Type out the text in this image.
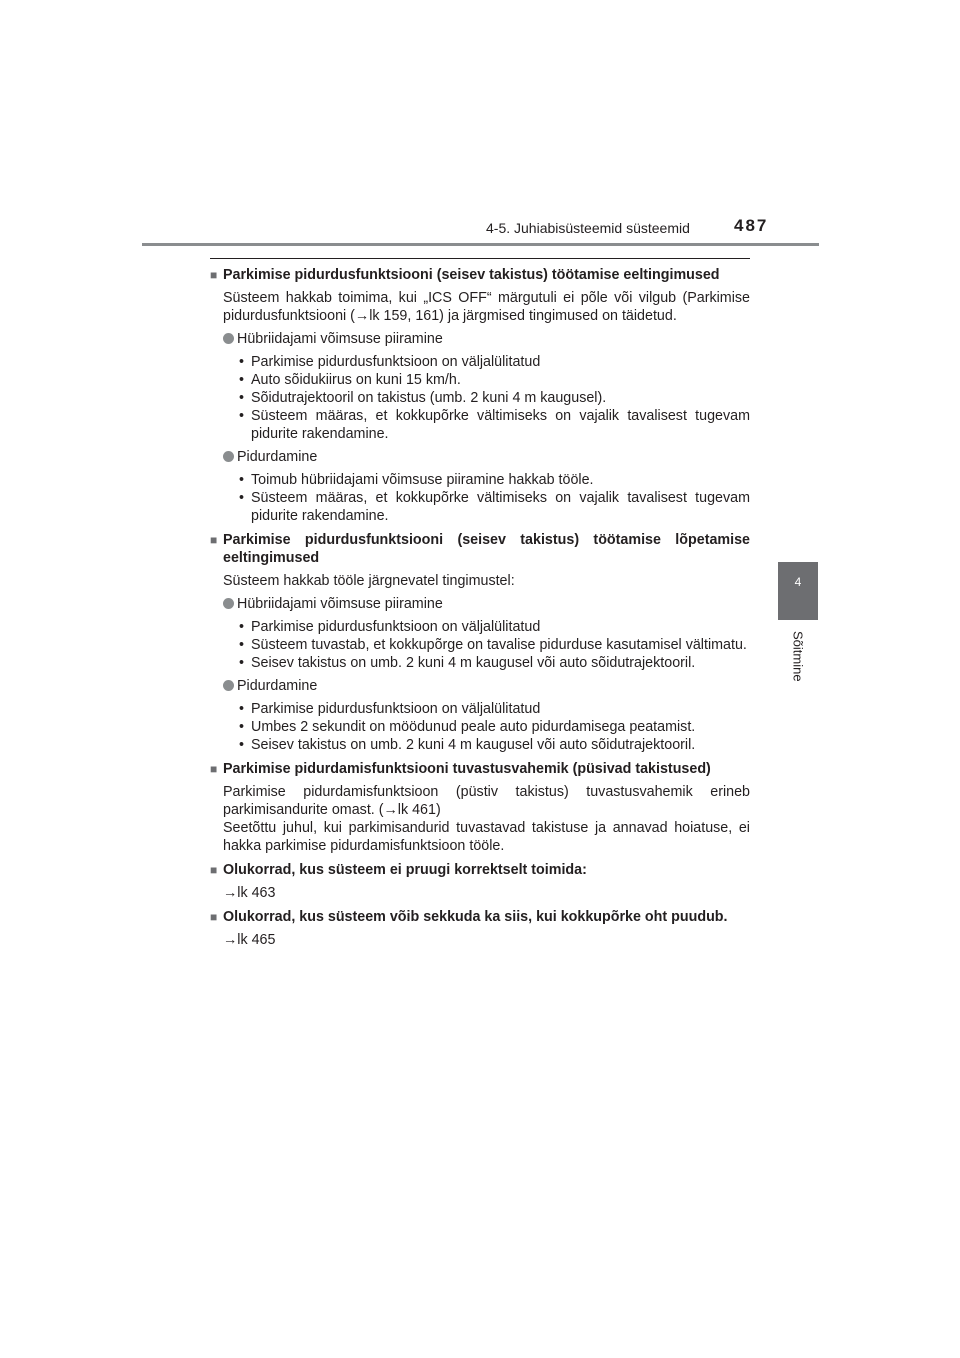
4-5. Juhiabisüsteemid süsteemid	487
4
Sõitmine
■ Parkimise pidurdusfunktsiooni (seisev takistus) töötamise eeltingimused
Süsteem hakkab toimima, kui „ICS OFF“ märgutuli ei põle või vilgub (Parkimise pidurdusfunktsiooni (→lk 159, 161) ja järgmised tingimused on täidetud.
Hübriidajami võimsuse piiramine
• Parkimise pidurdusfunktsioon on väljalülitatud
• Auto sõidukiirus on kuni 15 km/h.
• Sõidutrajektooril on takistus (umb. 2 kuni 4 m kaugusel).
• Süsteem määras, et kokkupõrke vältimiseks on vajalik tavalisest tugevam pidurite rakendamine.
Pidurdamine
• Toimub hübriidajami võimsuse piiramine hakkab tööle.
• Süsteem määras, et kokkupõrke vältimiseks on vajalik tavalisest tugevam pidurite rakendamine.
■ Parkimise pidurdusfunktsiooni (seisev takistus) töötamise lõpetamise eeltingimused
Süsteem hakkab tööle järgnevatel tingimustel:
Hübriidajami võimsuse piiramine
• Parkimise pidurdusfunktsioon on väljalülitatud
• Süsteem tuvastab, et kokkupõrge on tavalise pidurduse kasutamisel vältimatu.
• Seisev takistus on umb. 2 kuni 4 m kaugusel või auto sõidutrajektooril.
Pidurdamine
• Parkimise pidurdusfunktsioon on väljalülitatud
• Umbes 2 sekundit on möödunud peale auto pidurdamisega peatamist.
• Seisev takistus on umb. 2 kuni 4 m kaugusel või auto sõidutrajektooril.
■ Parkimise pidurdamisfunktsiooni tuvastusvahemik (püsivad takistused)
Parkimise pidurdamisfunktsioon (püstiv takistus) tuvastusvahemik erineb parkimisandurite omast. (→lk 461)
Seetõttu juhul, kui parkimisandurid tuvastavad takistuse ja annavad hoiatuse, ei hakka parkimise pidurdamisfunktsioon tööle.
■ Olukorrad, kus süsteem ei pruugi korrektselt toimida:
→lk 463
■ Olukorrad, kus süsteem võib sekkuda ka siis, kui kokkupõrke oht puudub.
→lk 465
